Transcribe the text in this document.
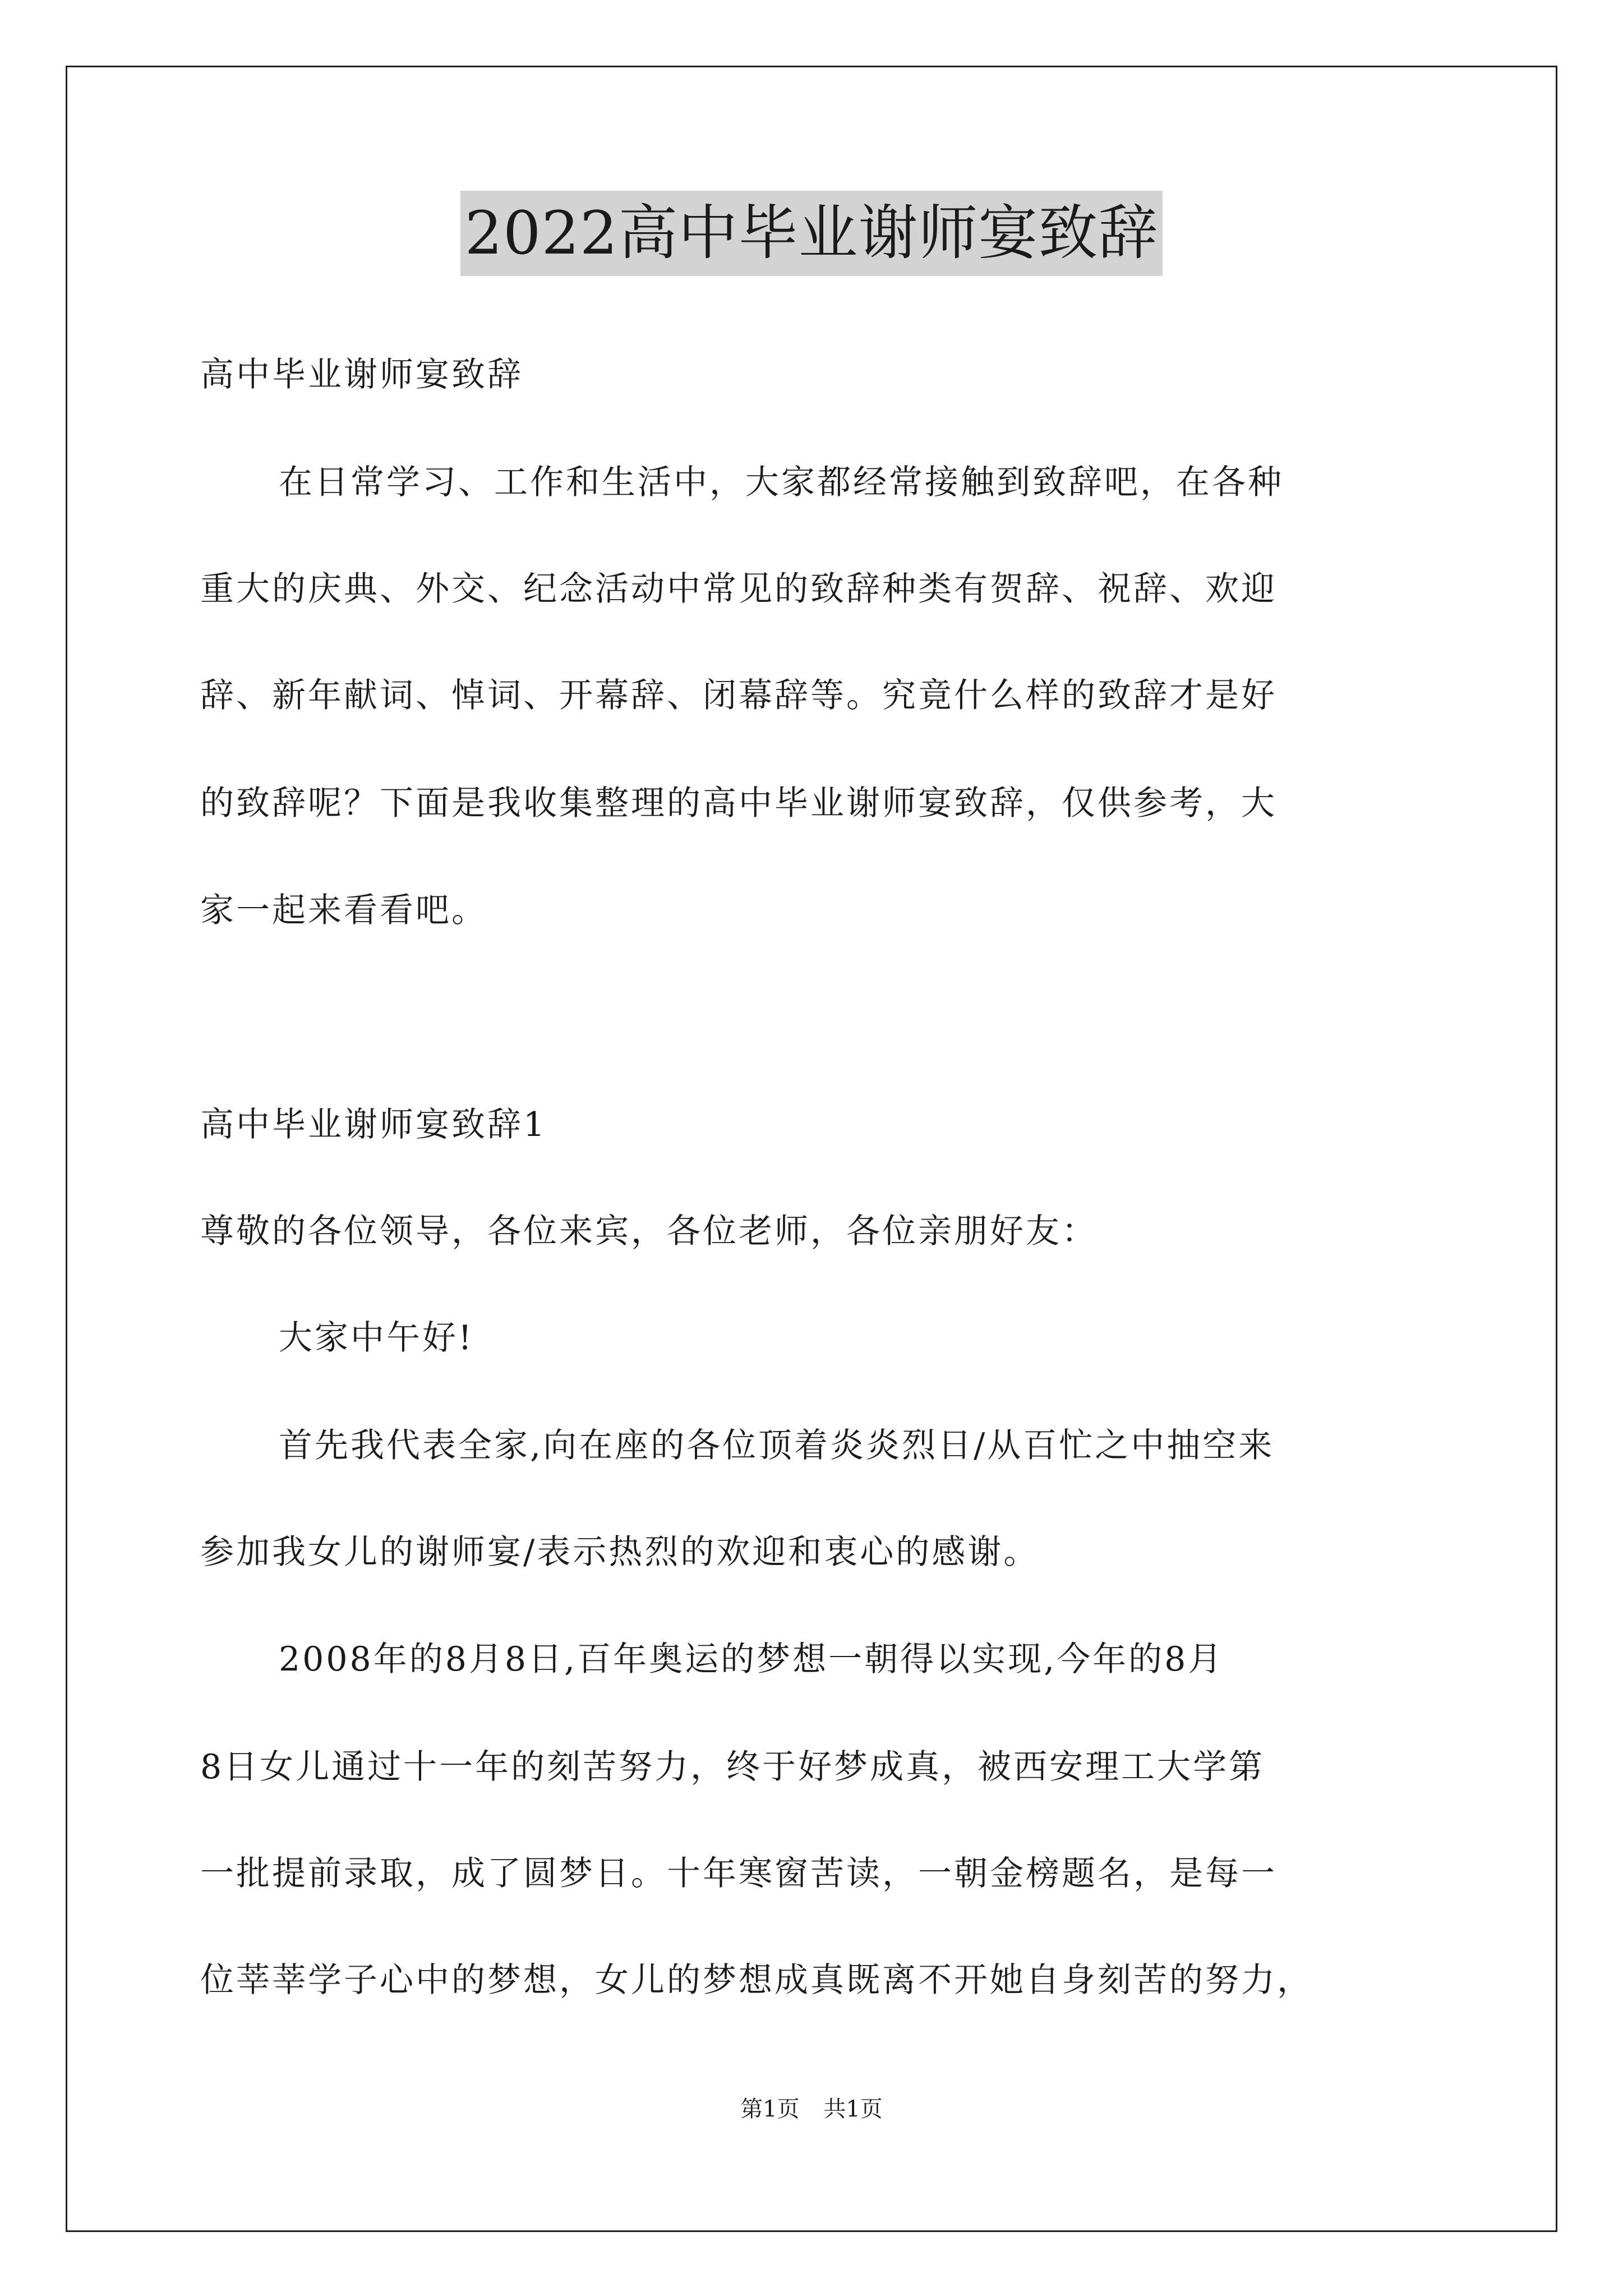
2022高中毕业谢师宴致辞
高中毕业谢师宴致辞
在日常学习、工作和生活中，大家都经常接触到致辞吧，在各种
重大的庆典、外交、纪念活动中常见的致辞种类有贺辞、祝辞、欢迎
辞、新年献词、悼词、开幕辞、闭幕辞等。究竟什么样的致辞才是好
的致辞呢？下面是我收集整理的高中毕业谢师宴致辞，仅供参考，大
家一起来看看吧。
高中毕业谢师宴致辞1
尊敬的各位领导，各位来宾，各位老师，各位亲朋好友：
大家中午好!
首先我代表全家,向在座的各位顶着炎炎烈日/从百忙之中抽空来
参加我女儿的谢师宴/表示热烈的欢迎和衷心的感谢。
2008年的8月8日,百年奥运的梦想一朝得以实现,今年的8月
8日女儿通过十一年的刻苦努力，终于好梦成真，被西安理工大学第
一批提前录取，成了圆梦日。十年寒窗苦读，一朝金榜题名，是每一
位莘莘学子心中的梦想，女儿的梦想成真既离不开她自身刻苦的努力，
第1页 共1页
